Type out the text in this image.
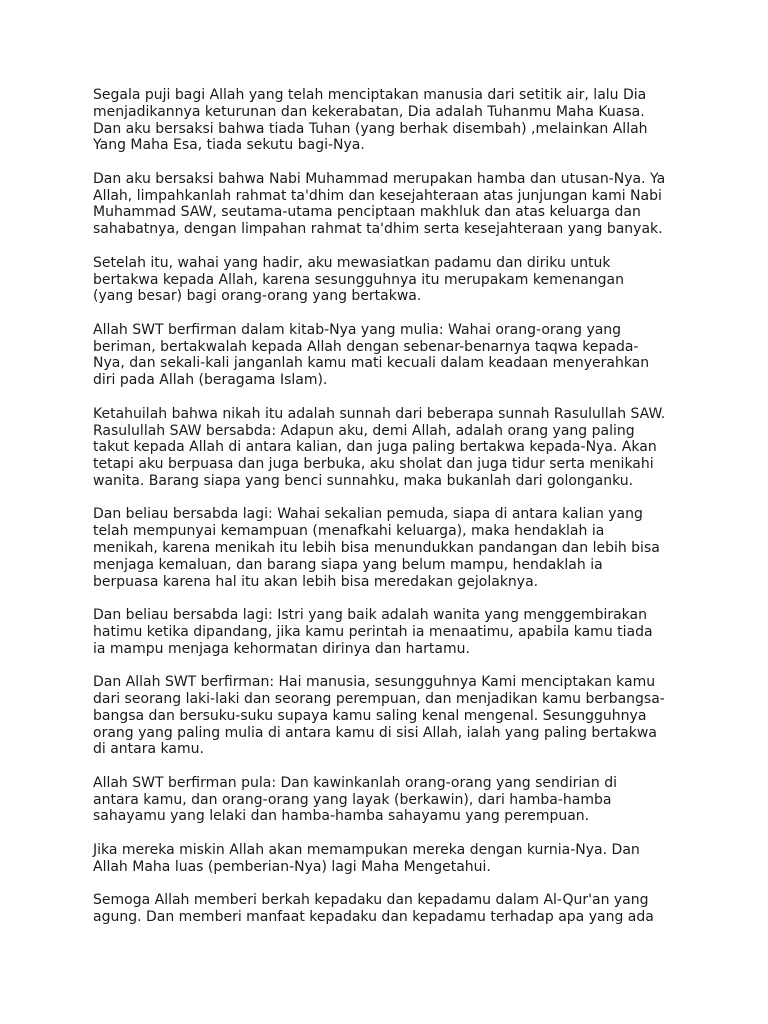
Segala puji bagi Allah yang telah menciptakan manusia dari setitik air, lalu Dia
menjadikannya keturunan dan kekerabatan, Dia adalah Tuhanmu Maha Kuasa.
Dan aku bersaksi bahwa tiada Tuhan (yang berhak disembah) ,melainkan Allah
Yang Maha Esa, tiada sekutu bagi-Nya.

Dan aku bersaksi bahwa Nabi Muhammad merupakan hamba dan utusan-Nya. Ya
Allah, limpahkanlah rahmat ta'dhim dan kesejahteraan atas junjungan kami Nabi
Muhammad SAW, seutama-utama penciptaan makhluk dan atas keluarga dan
sahabatnya, dengan limpahan rahmat ta'dhim serta kesejahteraan yang banyak.

Setelah itu, wahai yang hadir, aku mewasiatkan padamu dan diriku untuk
bertakwa kepada Allah, karena sesungguhnya itu merupakam kemenangan
(yang besar) bagi orang-orang yang bertakwa.

Allah SWT berfirman dalam kitab-Nya yang mulia: Wahai orang-orang yang
beriman, bertakwalah kepada Allah dengan sebenar-benarnya taqwa kepada-
Nya, dan sekali-kali janganlah kamu mati kecuali dalam keadaan menyerahkan
diri pada Allah (beragama Islam).

Ketahuilah bahwa nikah itu adalah sunnah dari beberapa sunnah Rasulullah SAW.
Rasulullah SAW bersabda: Adapun aku, demi Allah, adalah orang yang paling
takut kepada Allah di antara kalian, dan juga paling bertakwa kepada-Nya. Akan
tetapi aku berpuasa dan juga berbuka, aku sholat dan juga tidur serta menikahi
wanita. Barang siapa yang benci sunnahku, maka bukanlah dari golonganku.

Dan beliau bersabda lagi: Wahai sekalian pemuda, siapa di antara kalian yang
telah mempunyai kemampuan (menafkahi keluarga), maka hendaklah ia
menikah, karena menikah itu lebih bisa menundukkan pandangan dan lebih bisa
menjaga kemaluan, dan barang siapa yang belum mampu, hendaklah ia
berpuasa karena hal itu akan lebih bisa meredakan gejolaknya.

Dan beliau bersabda lagi: Istri yang baik adalah wanita yang menggembirakan
hatimu ketika dipandang, jika kamu perintah ia menaatimu, apabila kamu tiada
ia mampu menjaga kehormatan dirinya dan hartamu.

Dan Allah SWT berfirman: Hai manusia, sesungguhnya Kami menciptakan kamu
dari seorang laki-laki dan seorang perempuan, dan menjadikan kamu berbangsa-
bangsa dan bersuku-suku supaya kamu saling kenal mengenal. Sesungguhnya
orang yang paling mulia di antara kamu di sisi Allah, ialah yang paling bertakwa
di antara kamu.

Allah SWT berfirman pula: Dan kawinkanlah orang-orang yang sendirian di
antara kamu, dan orang-orang yang layak (berkawin), dari hamba-hamba
sahayamu yang lelaki dan hamba-hamba sahayamu yang perempuan.

Jika mereka miskin Allah akan memampukan mereka dengan kurnia-Nya. Dan
Allah Maha luas (pemberian-Nya) lagi Maha Mengetahui.

Semoga Allah memberi berkah kepadaku dan kepadamu dalam Al-Qur'an yang
agung. Dan memberi manfaat kepadaku dan kepadamu terhadap apa yang ada
